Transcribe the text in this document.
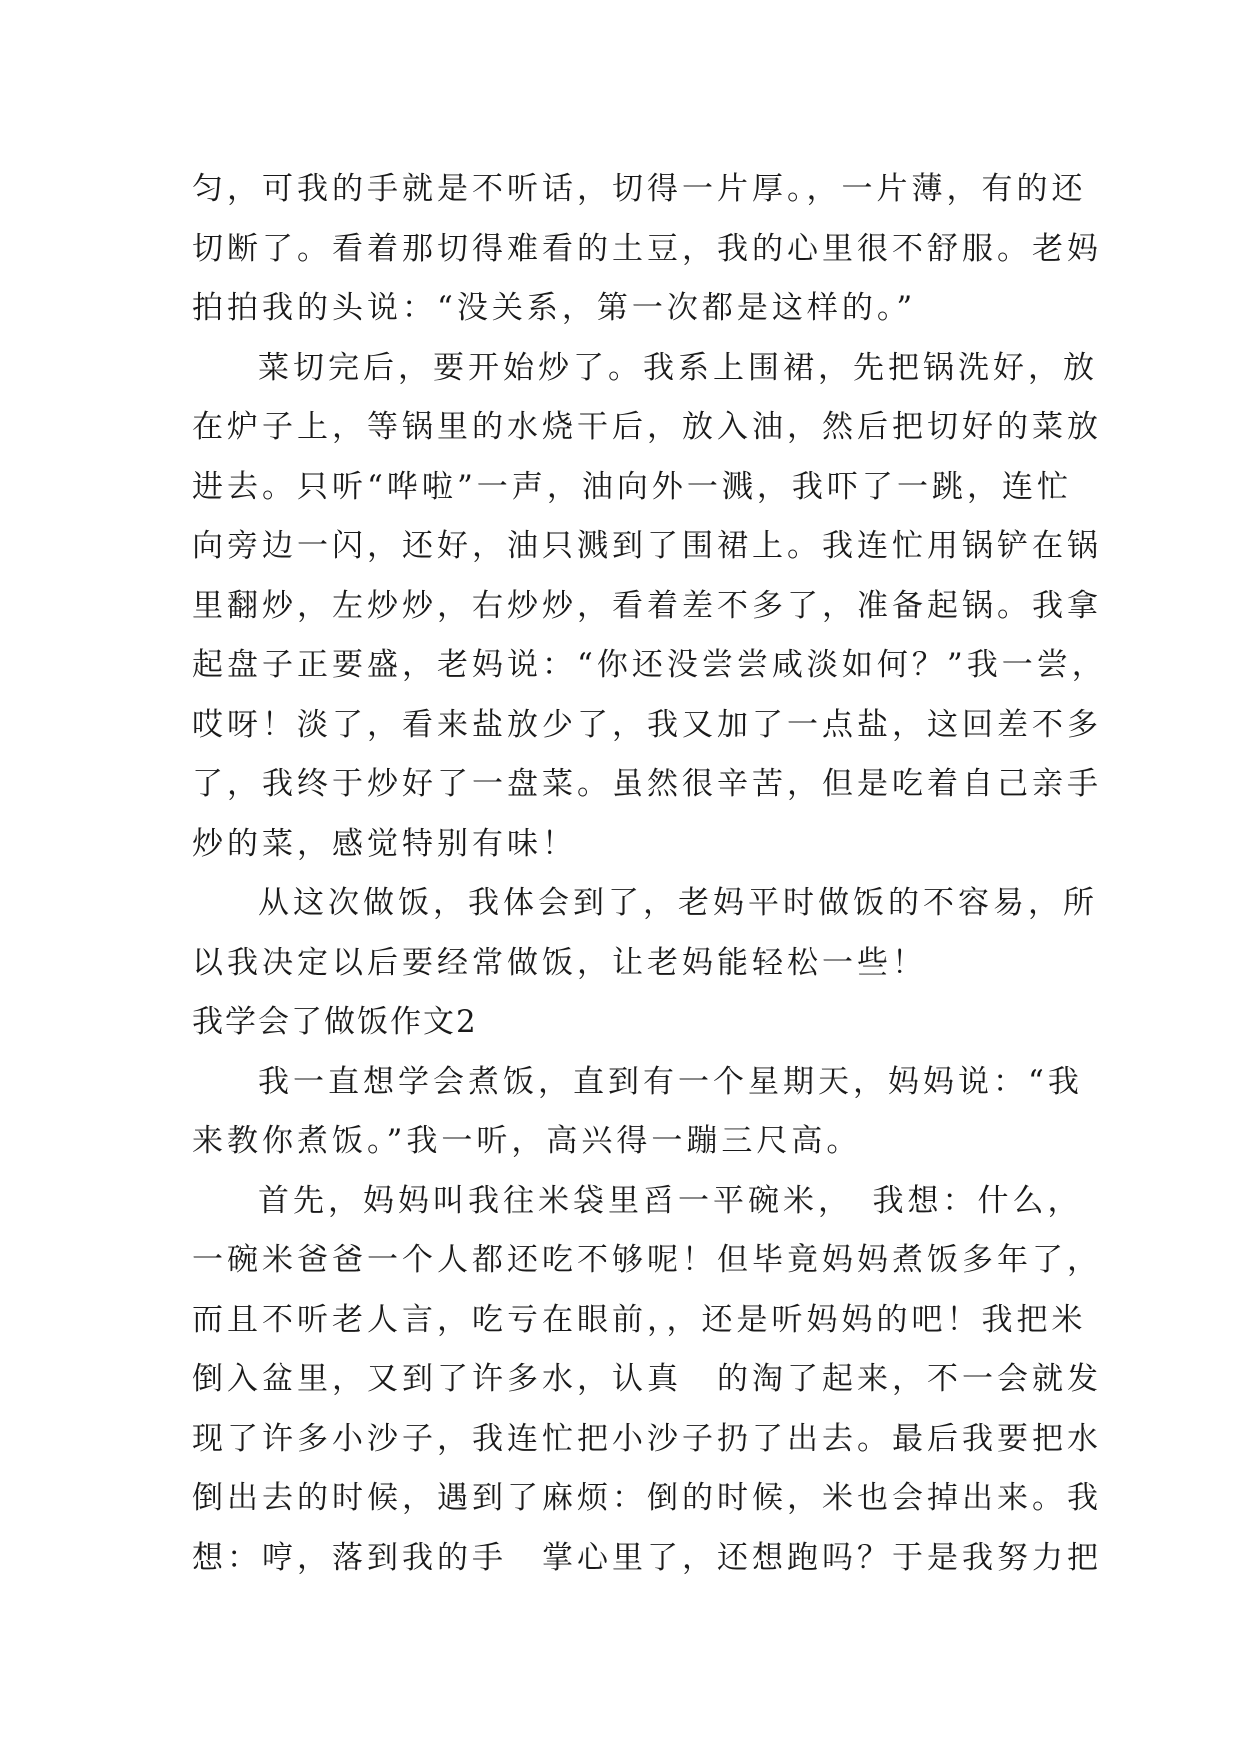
匀，可我的手就是不听话，切得一片厚。，一片薄，有的还
切断了。看着那切得难看的土豆，我的心里很不舒服。老妈
拍拍我的头说：“没关系，第一次都是这样的。”
菜切完后，要开始炒了。我系上围裙，先把锅洗好，放
在炉子上，等锅里的水烧干后，放入油，然后把切好的菜放
进去。只听“哗啦”一声，油向外一溅，我吓了一跳，连忙
向旁边一闪，还好，油只溅到了围裙上。我连忙用锅铲在锅
里翻炒，左炒炒，右炒炒，看着差不多了，准备起锅。我拿
起盘子正要盛，老妈说：“你还没尝尝咸淡如何？”我一尝，
哎呀！淡了，看来盐放少了，我又加了一点盐，这回差不多
了，我终于炒好了一盘菜。虽然很辛苦，但是吃着自己亲手
炒的菜，感觉特别有味！
从这次做饭，我体会到了，老妈平时做饭的不容易，所
以我决定以后要经常做饭，让老妈能轻松一些！
我学会了做饭作文2
我一直想学会煮饭，直到有一个星期天，妈妈说：“我
来教你煮饭。”我一听，高兴得一蹦三尺高。
首先，妈妈叫我往米袋里舀一平碗米，　我想：什么，
一碗米爸爸一个人都还吃不够呢！但毕竟妈妈煮饭多年了，
而且不听老人言，吃亏在眼前，，还是听妈妈的吧！我把米
倒入盆里，又到了许多水，认真　的淘了起来，不一会就发
现了许多小沙子，我连忙把小沙子扔了出去。最后我要把水
倒出去的时候，遇到了麻烦：倒的时候，米也会掉出来。我
想：哼，落到我的手　掌心里了，还想跑吗？于是我努力把
